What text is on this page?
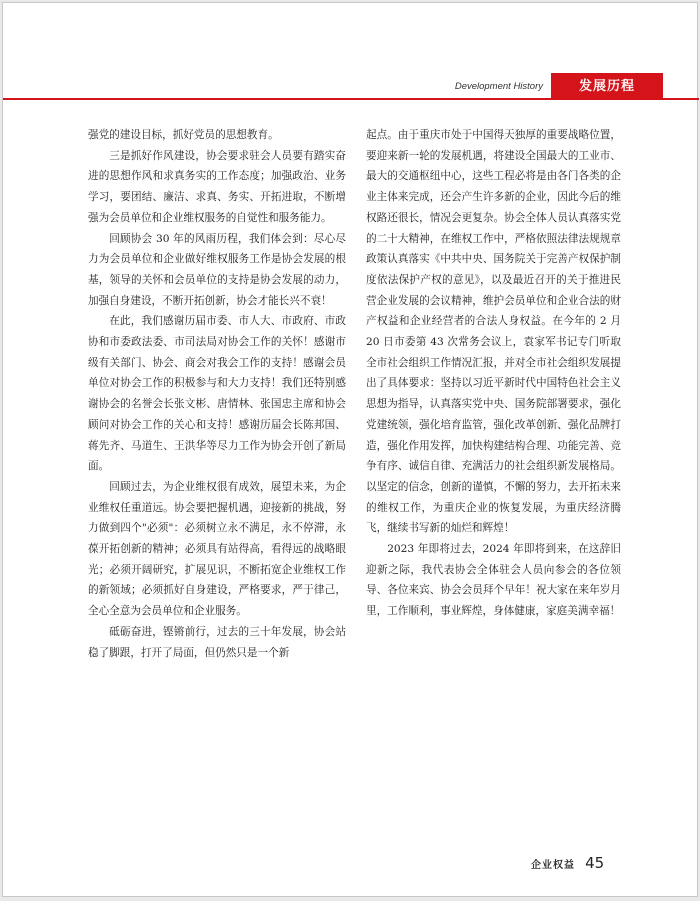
Development History	发展历程

强党的建设目标，抓好党员的思想教育。

三是抓好作风建设，协会要求驻会人员要有踏实奋进的思想作风和求真务实的工作态度；加强政治、业务学习，要团结、廉洁、求真、务实、开拓进取，不断增强为会员单位和企业维权服务的自觉性和服务能力。

回顾协会 30 年的风雨历程，我们体会到：尽心尽力为会员单位和企业做好维权服务工作是协会发展的根基，领导的关怀和会员单位的支持是协会发展的动力，加强自身建设，不断开拓创新，协会才能长兴不衰！

在此，我们感谢历届市委、市人大、市政府、市政协和市委政法委、市司法局对协会工作的关怀！感谢市级有关部门、协会、商会对我会工作的支持！感谢会员单位对协会工作的积极参与和大力支持！我们还特别感谢协会的名誉会长张文彬、唐情林、张国忠主席和协会顾问对协会工作的关心和支持！感谢历届会长陈邦国、蒋先齐、马道生、王洪华等尽力工作为协会开创了新局面。

回顾过去，为企业维权很有成效，展望未来，为企业维权任重道远。协会要把握机遇，迎接新的挑战，努力做到四个"必须"：必须树立永不满足，永不停滞，永葆开拓创新的精神；必须具有站得高，看得远的战略眼光；必须开阔研究，扩展见识，不断拓宽企业维权工作的新领域；必须抓好自身建设，严格要求，严于律己，全心全意为会员单位和企业服务。

砥砺奋进，铿锵前行，过去的三十年发展，协会站稳了脚跟，打开了局面，但仍然只是一个新

起点。由于重庆市处于中国得天独厚的重要战略位置，要迎来新一轮的发展机遇，将建设全国最大的工业市、最大的交通枢纽中心，这些工程必将是由各门各类的企业主体来完成，还会产生许多新的企业，因此今后的维权路还很长，情况会更复杂。协会全体人员认真落实党的二十大精神，在维权工作中，严格依照法律法规规章政策认真落实《中共中央、国务院关于完善产权保护制度依法保护产权的意见》，以及最近召开的关于推进民营企业发展的会议精神，维护会员单位和企业合法的财产权益和企业经营者的合法人身权益。在今年的 2 月 20 日市委第 43 次常务会议上，袁家军书记专门听取全市社会组织工作情况汇报，并对全市社会组织发展提出了具体要求：坚持以习近平新时代中国特色社会主义思想为指导，认真落实党中央、国务院部署要求，强化党建统领，强化培育监管，强化改革创新、强化品牌打造，强化作用发挥，加快构建结构合理、功能完善、竞争有序、诚信自律、充满活力的社会组织新发展格局。以坚定的信念，创新的谨慎，不懈的努力，去开拓未来的维权工作，为重庆企业的恢复发展，为重庆经济腾飞，继续书写新的灿烂和辉煌！

2023 年即将过去，2024 年即将到来，在这辞旧迎新之际，我代表协会全体驻会人员向参会的各位领导、各位来宾、协会会员拜个早年！祝大家在来年岁月里，工作顺利，事业辉煌，身体健康，家庭美满幸福！

企业权益 45
